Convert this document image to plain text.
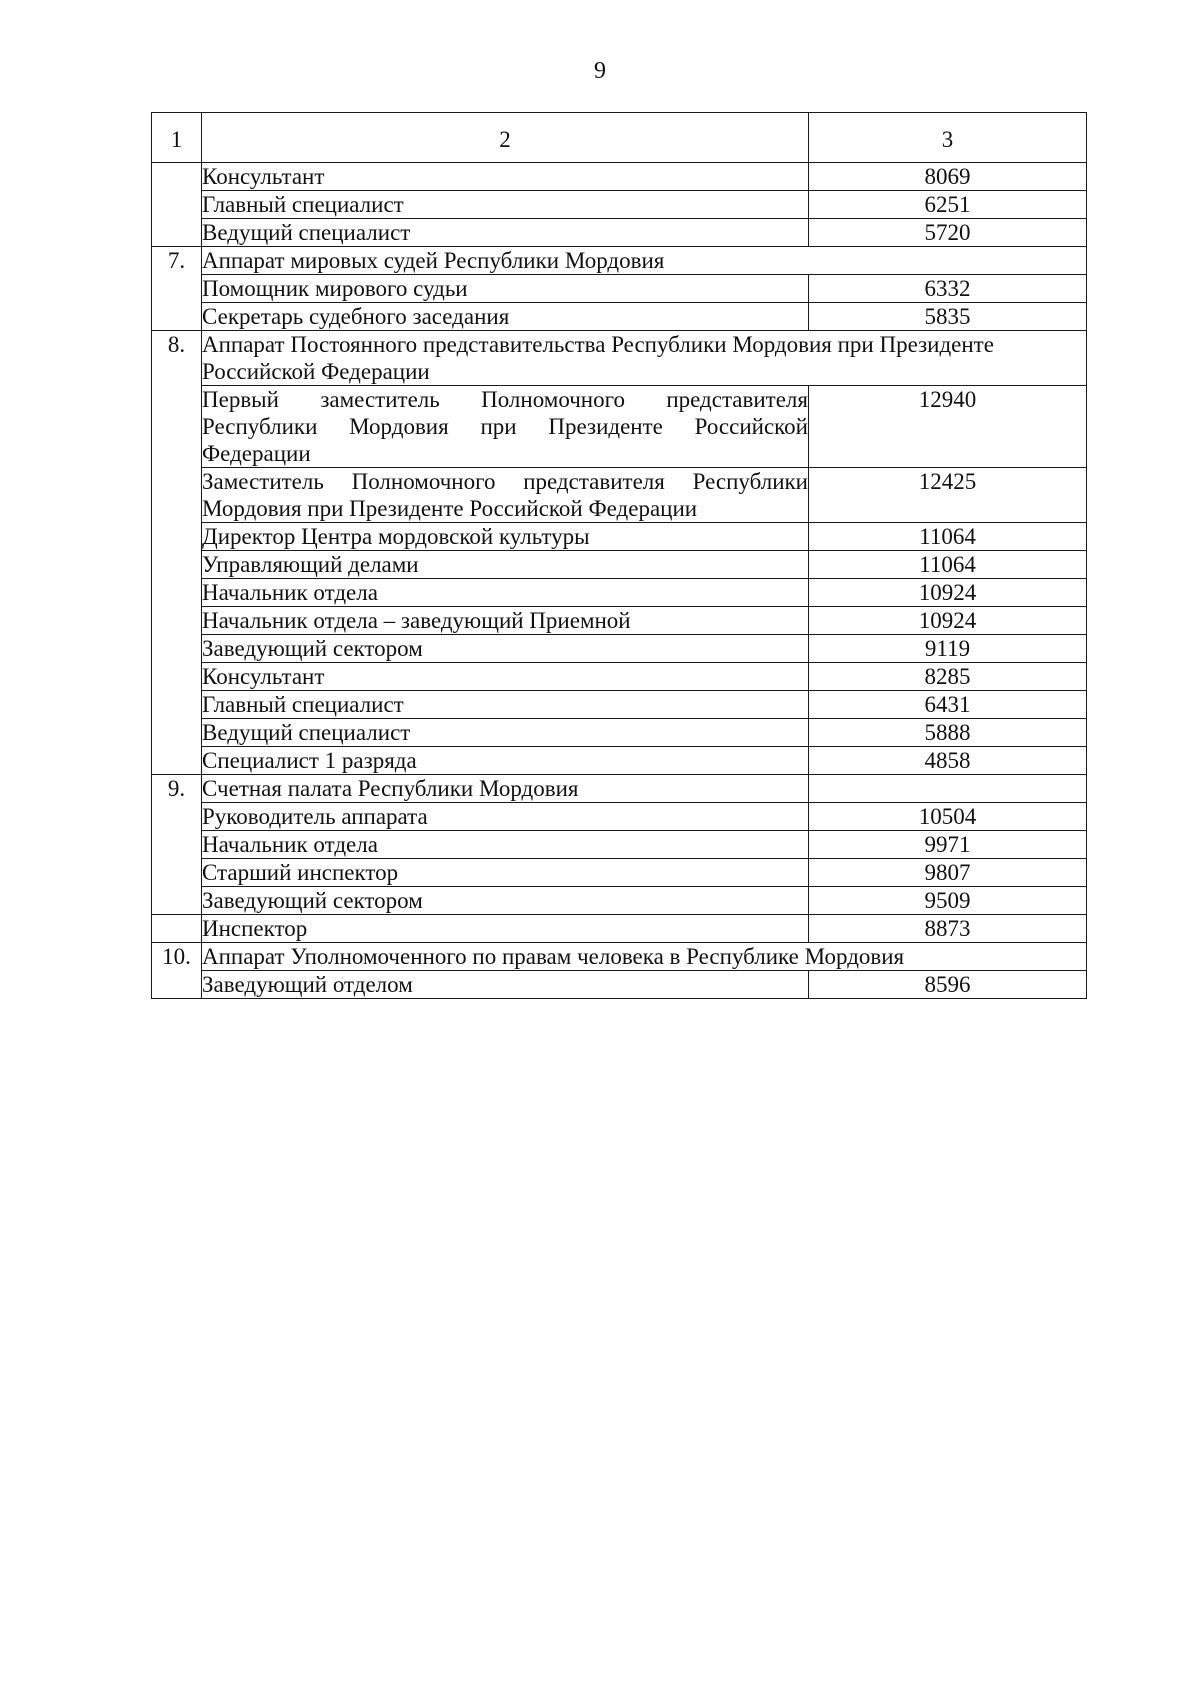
9
1	2	3
	Консультант	8069
	Главный специалист	6251
	Ведущий специалист	5720
7.	Аппарат мировых судей Республики Мордовия	
	Помощник мирового судьи	6332
	Секретарь судебного заседания	5835
8.	Аппарат Постоянного представительства Республики Мордовия при Президенте Российской Федерации	
	Первый заместитель Полномочного представителя Республики Мордовия при Президенте Российской Федерации	12940
	Заместитель Полномочного представителя Республики Мордовия при Президенте Российской Федерации	12425
	Директор Центра мордовской культуры	11064
	Управляющий делами	11064
	Начальник отдела	10924
	Начальник отдела – заведующий Приемной	10924
	Заведующий сектором	9119
	Консультант	8285
	Главный специалист	6431
	Ведущий специалист	5888
	Специалист 1 разряда	4858
9.	Счетная палата Республики Мордовия	
	Руководитель аппарата	10504
	Начальник отдела	9971
	Старший инспектор	9807
	Заведующий сектором	9509
	Инспектор	8873
10.	Аппарат Уполномоченного по правам человека в Республике Мордовия	
	Заведующий отделом	8596
